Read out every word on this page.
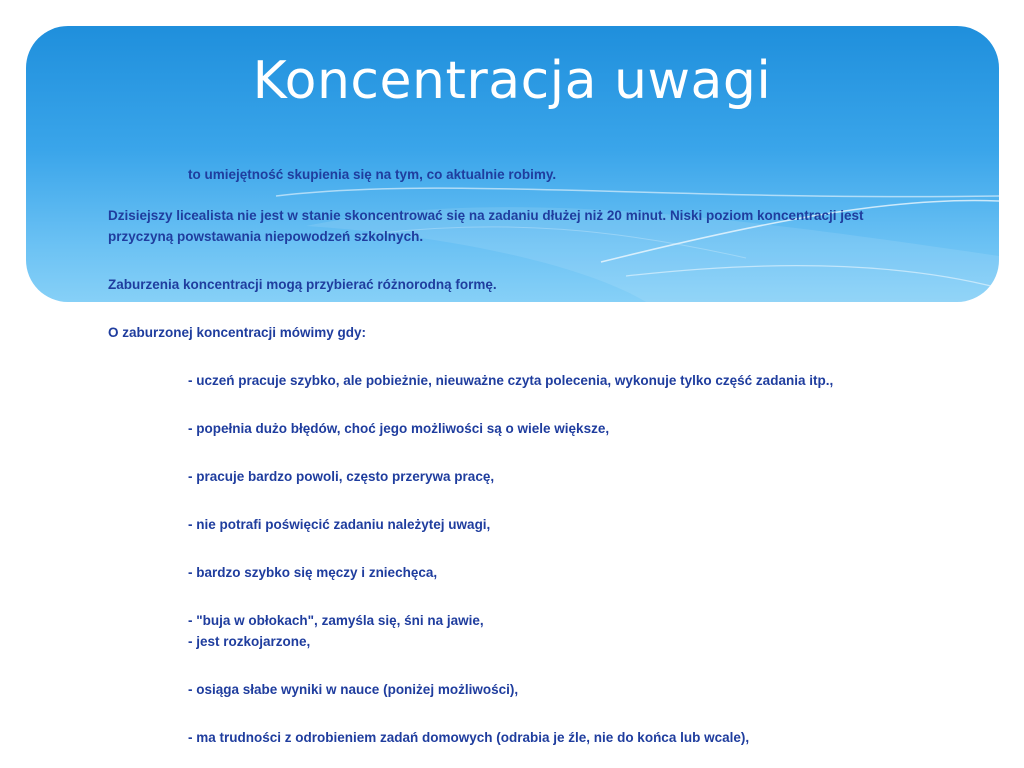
Koncentracja uwagi

to umiejętność skupienia się na tym, co aktualnie robimy.

Dzisiejszy licealista nie jest w stanie skoncentrować się na zadaniu dłużej niż 20 minut. Niski poziom koncentracji jest przyczyną powstawania niepowodzeń szkolnych.

Zaburzenia koncentracji mogą przybierać różnorodną formę.

O zaburzonej koncentracji mówimy gdy:

- uczeń pracuje szybko, ale pobieżnie, nieuważne czyta polecenia, wykonuje tylko część zadania itp.,

- popełnia dużo błędów, choć jego możliwości są o wiele większe,

- pracuje bardzo powoli, często przerywa pracę,

- nie potrafi poświęcić zadaniu należytej uwagi,

- bardzo szybko się męczy i zniechęca,

- "buja w obłokach", zamyśla się, śni na jawie,

- jest rozkojarzone,

- osiąga słabe wyniki w nauce (poniżej możliwości),

- ma trudności z odrobieniem zadań domowych (odrabia je źle, nie do końca lub wcale),
